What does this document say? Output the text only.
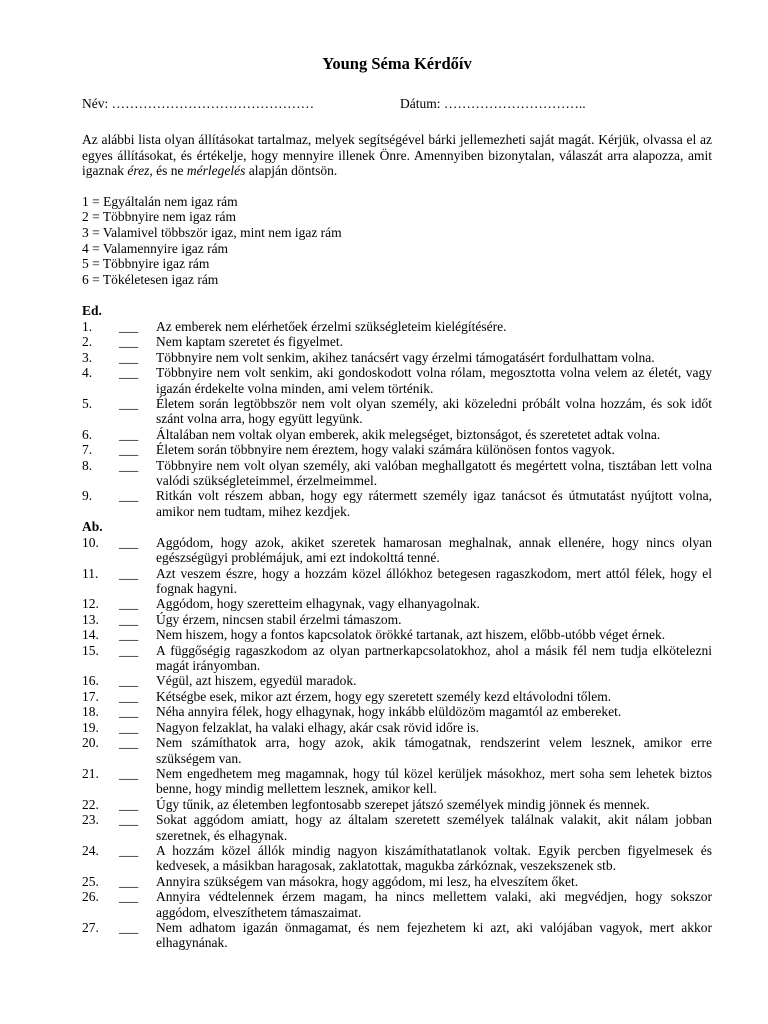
Young Séma Kérdőív
Név: ………………………………………	Dátum: …………………………..

Az alábbi lista olyan állításokat tartalmaz, melyek segítségével bárki jellemezheti saját magát. Kérjük, olvassa el az egyes állításokat, és értékelje, hogy mennyire illenek Önre. Amennyiben bizonytalan, válaszát arra alapozza, amit igaznak érez, és ne mérlegelés alapján döntsön.

1 = Egyáltalán nem igaz rám
2 = Többnyire nem igaz rám
3 = Valamivel többször igaz, mint nem igaz rám
4 = Valamennyire igaz rám
5 = Többnyire igaz rám
6 = Tökéletesen igaz rám
Ed.
1. ___ Az emberek nem elérhetőek érzelmi szükségleteim kielégítésére.
2. ___ Nem kaptam szeretet és figyelmet.
3. ___ Többnyire nem volt senkim, akihez tanácsért vagy érzelmi támogatásért fordulhattam volna.
4. ___ Többnyire nem volt senkim, aki gondoskodott volna rólam, megosztotta volna velem az életét, vagy igazán érdekelte volna minden, ami velem történik.
5. ___ Életem során legtöbbször nem volt olyan személy, aki közeledni próbált volna hozzám, és sok időt szánt volna arra, hogy együtt legyünk.
6. ___ Általában nem voltak olyan emberek, akik melegséget, biztonságot, és szeretetet adtak volna.
7. ___ Életem során többnyire nem éreztem, hogy valaki számára különösen fontos vagyok.
8. ___ Többnyire nem volt olyan személy, aki valóban meghallgatott és megértett volna, tisztában lett volna valódi szükségleteimmel, érzelmeimmel.
9. ___ Ritkán volt részem abban, hogy egy rátermett személy igaz tanácsot és útmutatást nyújtott volna, amikor nem tudtam, mihez kezdjek.
Ab.
10. ___ Aggódom, hogy azok, akiket szeretek hamarosan meghalnak, annak ellenére, hogy nincs olyan egészségügyi problémájuk, ami ezt indokolttá tenné.
11. ___ Azt veszem észre, hogy a hozzám közel állókhoz betegesen ragaszkodom, mert attól félek, hogy el fognak hagyni.
12. ___ Aggódom, hogy szeretteim elhagynak, vagy elhanyagolnak.
13. ___ Úgy érzem, nincsen stabil érzelmi támaszom.
14. ___ Nem hiszem, hogy a fontos kapcsolatok örökké tartanak, azt hiszem, előbb-utóbb véget érnek.
15. ___ A függőségig ragaszkodom az olyan partnerkapcsolatokhoz, ahol a másik fél nem tudja elkötelezni magát irányomban.
16. ___ Végül, azt hiszem, egyedül maradok.
17. ___ Kétségbe esek, mikor azt érzem, hogy egy szeretett személy kezd eltávolodni tőlem.
18. ___ Néha annyira félek, hogy elhagynak, hogy inkább elüldözöm magamtól az embereket.
19. ___ Nagyon felzaklat, ha valaki elhagy, akár csak rövid időre is.
20. ___ Nem számíthatok arra, hogy azok, akik támogatnak, rendszerint velem lesznek, amikor erre szükségem van.
21. ___ Nem engedhetem meg magamnak, hogy túl közel kerüljek másokhoz, mert soha sem lehetek biztos benne, hogy mindig mellettem lesznek, amikor kell.
22. ___ Úgy tűnik, az életemben legfontosabb szerepet játszó személyek mindig jönnek és mennek.
23. ___ Sokat aggódom amiatt, hogy az általam szeretett személyek találnak valakit, akit nálam jobban szeretnek, és elhagynak.
24. ___ A hozzám közel állók mindig nagyon kiszámíthatatlanok voltak. Egyik percben figyelmesek és kedvesek, a másikban haragosak, zaklatottak, magukba zárkóznak, veszekszenek stb.
25. ___ Annyira szükségem van másokra, hogy aggódom, mi lesz, ha elveszítem őket.
26. ___ Annyira védtelennek érzem magam, ha nincs mellettem valaki, aki megvédjen, hogy sokszor aggódom, elveszíthetem támaszaimat.
27. ___ Nem adhatom igazán önmagamat, és nem fejezhetem ki azt, aki valójában vagyok, mert akkor elhagynának.
